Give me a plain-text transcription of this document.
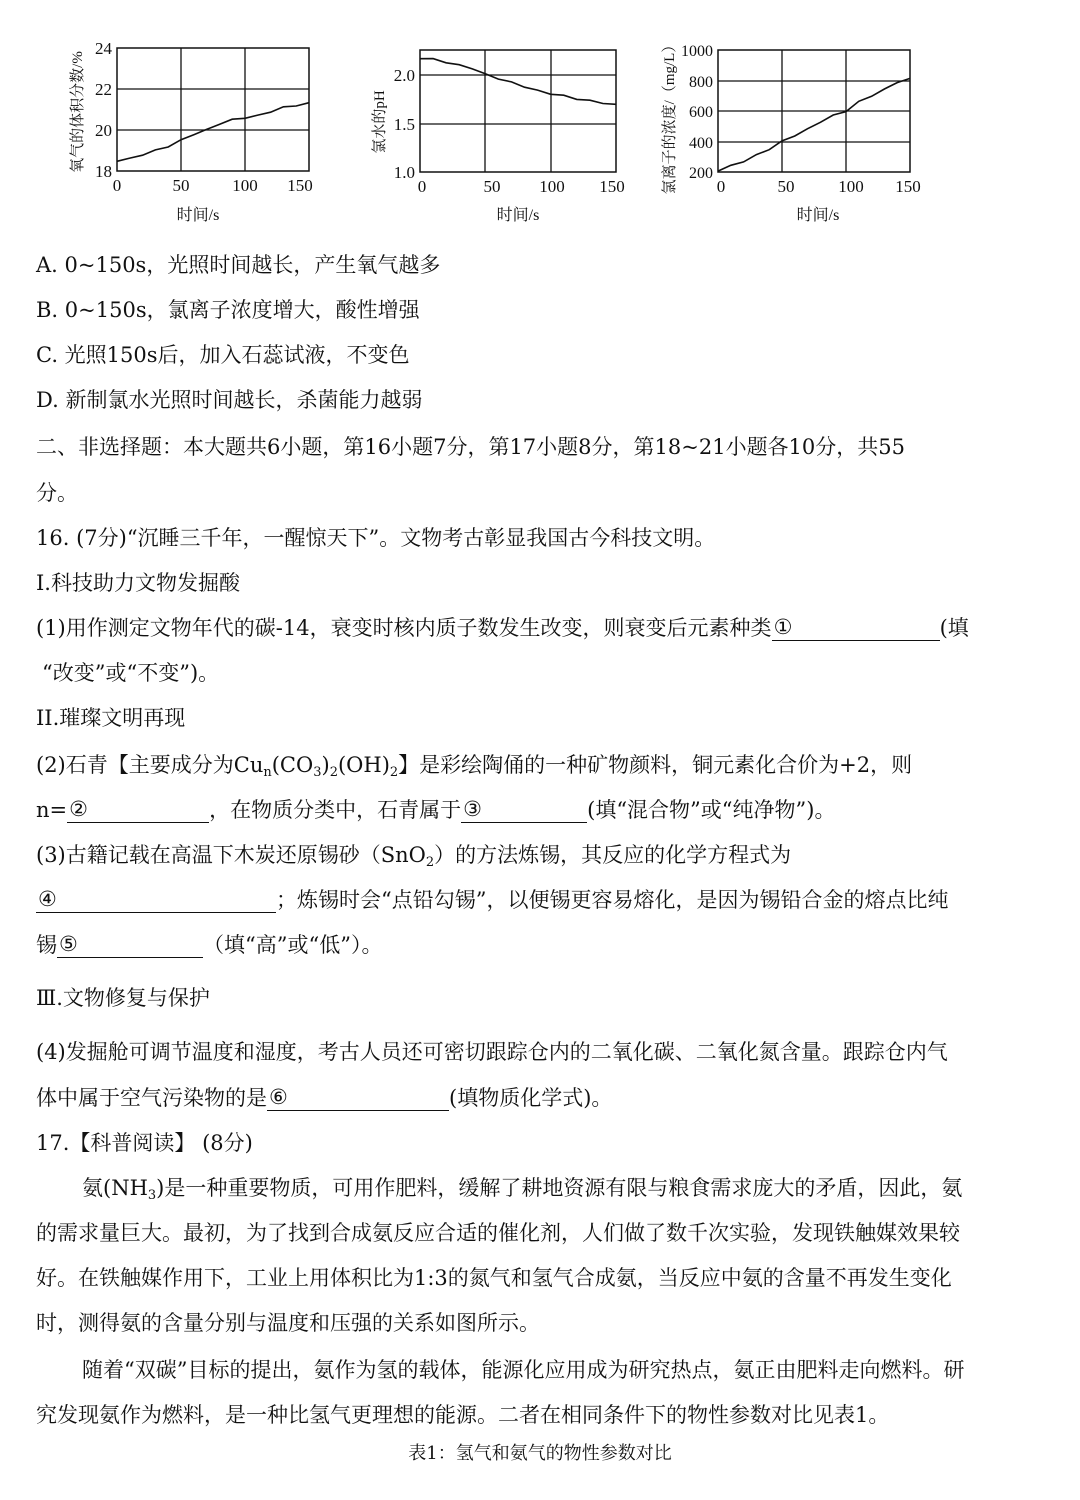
24
22
20
18
0	50	100 150
氧气的体积分数/%
时间/s
2.0
1.5
1.0
0	50 100 150
氯水的pH
时间/s
1000
800
600
400
200
0	50	100 150
氯离子的浓度/（mg/L）
时间/s
A. 0~150s，光照时间越长，产生氧气越多
B. 0~150s，氯离子浓度增大，酸性增强
C. 光照150s后，加入石蕊试液，不变色
D. 新制氯水光照时间越长，杀菌能力越弱
二、非选择题：本大题共6小题，第16小题7分，第17小题8分，第18~21小题各10分，共55
分。
16. (7分)“沉睡三千年，一醒惊天下”。文物考古彰显我国古今科技文明。
I.科技助力文物发掘酸
(1)用作测定文物年代的碳-14，衰变时核内质子数发生改变，则衰变后元素种类 ①	(填
“改变”或“不变”)。
II.璀璨文明再现
(2)石青【主要成分为$Cu_n(CO_3)_2(OH)_2$】是彩绘陶俑的一种矿物颜料，铜元素化合价为+2，则
n= ②	，在物质分类中，石青属于 ③	(填“混合物”或“纯净物”)。
(3)古籍记载在高温下木炭还原锡砂（SnO$_2$）的方法炼锡，其反应的化学方程式为
④	；炼锡时会“点铅勾锡”，以便锡更容易熔化，是因为锡铅合金的熔点比纯
锡 ⑤	（填“高”或“低”）。
Ⅲ.文物修复与保护
(4)发掘舱可调节温度和湿度，考古人员还可密切跟踪仓内的二氧化碳、二氧化氮含量。跟踪仓内气
体中属于空气污染物的是 ⑥	(填物质化学式)。
17.【科普阅读】 (8分)
氨$(NH_3)$是一种重要物质，可用作肥料，缓解了耕地资源有限与粮食需求庞大的矛盾，因此，氨
的需求量巨大。最初，为了找到合成氨反应合适的催化剂，人们做了数千次实验，发现铁触媒效果较
好。在铁触媒作用下，工业上用体积比为1:3的氮气和氢气合成氨，当反应中氨的含量不再发生变化
时，测得氨的含量分别与温度和压强的关系如图所示。
随着“双碳”目标的提出，氨作为氢的载体，能源化应用成为研究热点，氨正由肥料走向燃料。研
究发现氨作为燃料，是一种比氢气更理想的能源。二者在相同条件下的物性参数对比见表1。
表1：氢气和氨气的物性参数对比
